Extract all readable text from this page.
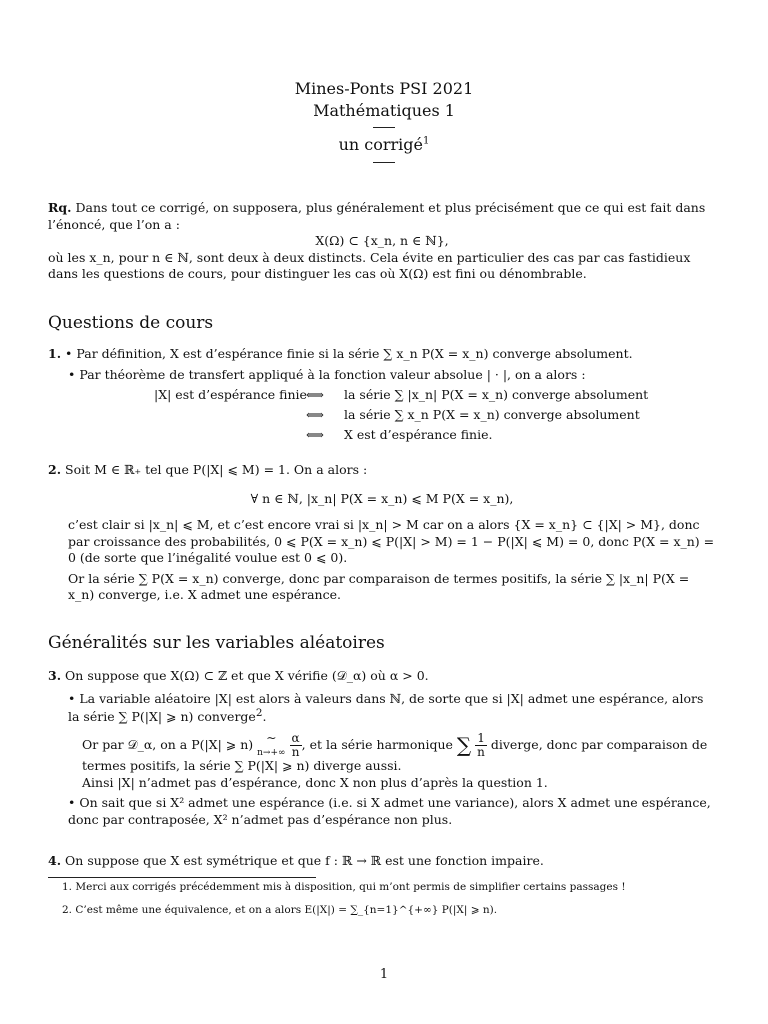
Mines-Ponts PSI 2021
Mathématiques 1
un corrigé$^1$
Rq. Dans tout ce corrigé, on supposera, plus généralement et plus précisément que ce qui est fait dans l’énoncé, que l’on a :
X(Ω) ⊂ {x_n, n ∈ ℕ},
où les x_n, pour n ∈ ℕ, sont deux à deux distincts. Cela évite en particulier des cas par cas fastidieux dans les questions de cours, pour distinguer les cas où X(Ω) est fini ou dénombrable.
Questions de cours
1. • Par définition, X est d’espérance finie si la série ∑ x_n P(X = x_n) converge absolument.
• Par théorème de transfert appliqué à la fonction valeur absolue | · |, on a alors :
|X| est d’espérance finie ⟺ la série ∑ |x_n| P(X = x_n) converge absolument
⟺ la série ∑ x_n P(X = x_n) converge absolument
⟺ X est d’espérance finie.
2. Soit M ∈ ℝ₊ tel que P(|X| ⩽ M) = 1. On a alors :
∀ n ∈ ℕ, |x_n| P(X = x_n) ⩽ M P(X = x_n),
c’est clair si |x_n| ⩽ M, et c’est encore vrai si |x_n| > M car on a alors {X = x_n} ⊂ {|X| > M}, donc par croissance des probabilités, 0 ⩽ P(X = x_n) ⩽ P(|X| > M) = 1 − P(|X| ⩽ M) = 0, donc P(X = x_n) = 0 (de sorte que l’inégalité voulue est 0 ⩽ 0).
Or la série ∑ P(X = x_n) converge, donc par comparaison de termes positifs, la série ∑ |x_n| P(X = x_n) converge, i.e. X admet une espérance.
Généralités sur les variables aléatoires
3. On suppose que X(Ω) ⊂ ℤ et que X vérifie (𝒟_α) où α > 0.
• La variable aléatoire |X| est alors à valeurs dans ℕ, de sorte que si |X| admet une espérance, alors la série ∑ P(|X| ⩾ n) converge$^2$.
Or par 𝒟_α, on a P(|X| ⩾ n) ∼
$n\to+\infty \frac{\alpha}{n}$ , et la série harmonique ∑ $\frac{1}{n}$ diverge, donc par comparaison de termes positifs, la série ∑ P(|X| ⩾ n) diverge aussi.
Ainsi |X| n’admet pas d’espérance, donc X non plus d’après la question 1.
• On sait que si X² admet une espérance (i.e. si X admet une variance), alors X admet une espérance, donc par contraposée, X² n’admet pas d’espérance non plus.
4. On suppose que X est symétrique et que f : ℝ → ℝ est une fonction impaire.
1. Merci aux corrigés précédemment mis à disposition, qui m’ont permis de simplifier certains passages !
2. C’est même une équivalence, et on a alors E(|X|) = ∑_{n=1}^{+∞} P(|X| ⩾ n).
1
